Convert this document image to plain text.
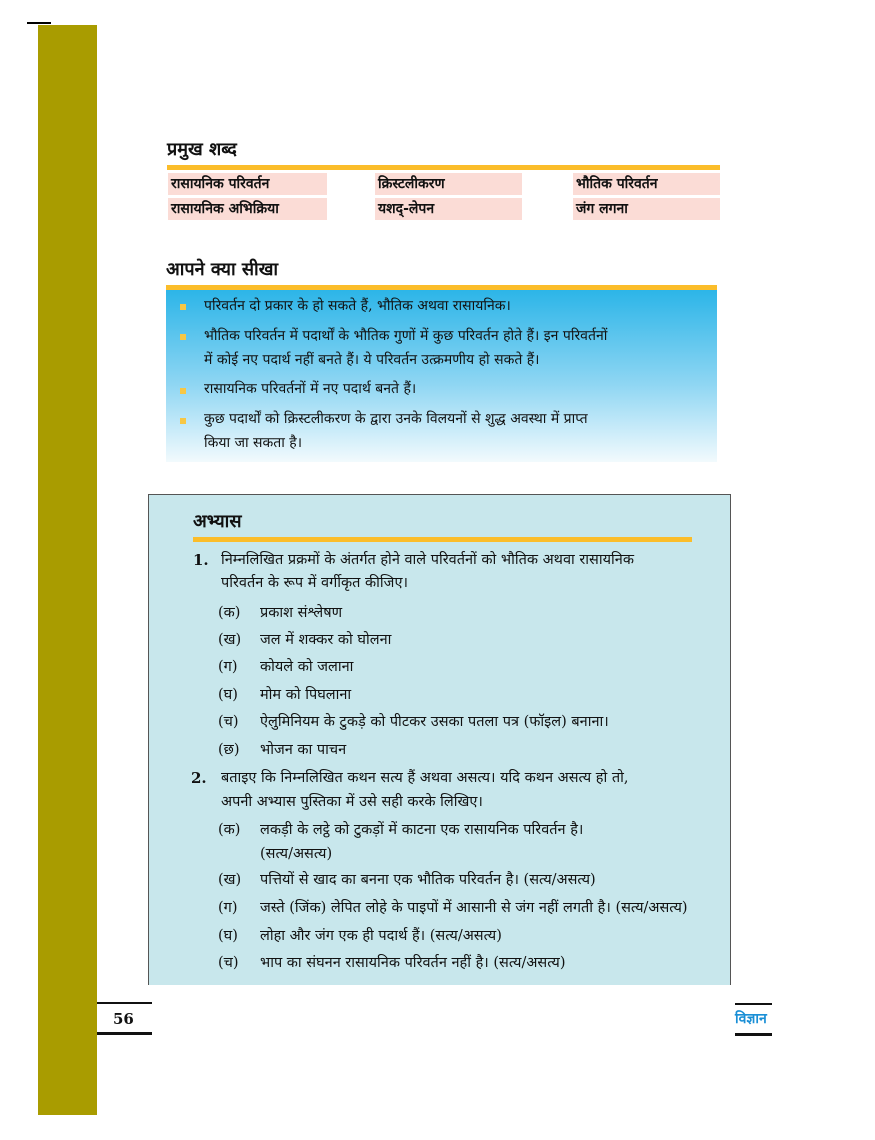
प्रमुख शब्द
रासायनिक परिवर्तन	क्रिस्टलीकरण	भौतिक परिवर्तन
रासायनिक अभिक्रिया	यशद्-लेपन	जंग लगना
आपने क्या सीखा
परिवर्तन दो प्रकार के हो सकते हैं, भौतिक अथवा रासायनिक।
भौतिक परिवर्तन में पदार्थों के भौतिक गुणों में कुछ परिवर्तन होते हैं। इन परिवर्तनों
में कोई नए पदार्थ नहीं बनते हैं। ये परिवर्तन उत्क्रमणीय हो सकते हैं।
रासायनिक परिवर्तनों में नए पदार्थ बनते हैं।
कुछ पदार्थों को क्रिस्टलीकरण के द्वारा उनके विलयनों से शुद्ध अवस्था में प्राप्त
किया जा सकता है।
अभ्यास
1. निम्नलिखित प्रक्रमों के अंतर्गत होने वाले परिवर्तनों को भौतिक अथवा रासायनिक
परिवर्तन के रूप में वर्गीकृत कीजिए।
2. बताइए कि निम्नलिखित कथन सत्य हैं अथवा असत्य। यदि कथन असत्य हो तो,
अपनी अभ्यास पुस्तिका में उसे सही करके लिखिए।
(सत्य/असत्य)
56	विज्ञान
(क) प्रकाश संश्लेषण
(ख) जल में शक्कर को घोलना
(ग) कोयले को जलाना
(घ) मोम को पिघलाना
(च) ऐलुमिनियम के टुकड़े को पीटकर उसका पतला पत्र (फॉइल) बनाना।
(छ) भोजन का पाचन
(क) लकड़ी के लट्ठे को टुकड़ों में काटना एक रासायनिक परिवर्तन है।
(ख) पत्तियों से खाद का बनना एक भौतिक परिवर्तन है। (सत्य/असत्य)
(ग) जस्ते (जिंक) लेपित लोहे के पाइपों में आसानी से जंग नहीं लगती है। (सत्य/असत्य)
(घ) लोहा और जंग एक ही पदार्थ हैं। (सत्य/असत्य)
(च) भाप का संघनन रासायनिक परिवर्तन नहीं है। (सत्य/असत्य)
